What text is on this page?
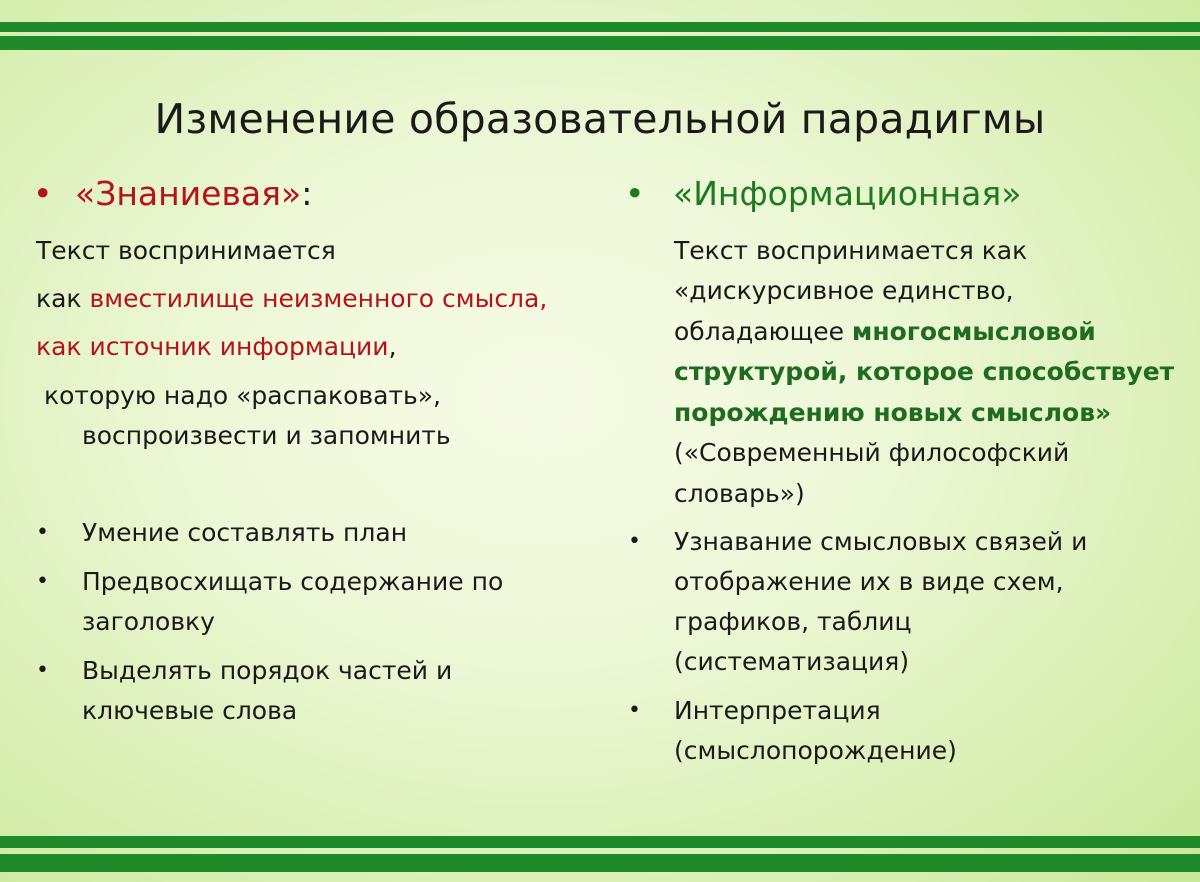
Изменение образовательной парадигмы
• «Знаниевая»:
Текст воспринимается
как вместилище неизменного смысла,
как источник информации,
которую надо «распаковать»,
воспроизвести и запомнить
• Умение составлять план
• Предвосхищать содержание по
заголовку
• Выделять порядок частей и
ключевые слова
• «Информационная»
Текст воспринимается как
«дискурсивное единство,
обладающее многосмысловой
структурой, которое способствует
порождению новых смыслов»
(«Современный философский
словарь»)
• Узнавание смысловых связей и
отображение их в виде схем,
графиков, таблиц
(систематизация)
• Интерпретация
(смыслопорождение)
